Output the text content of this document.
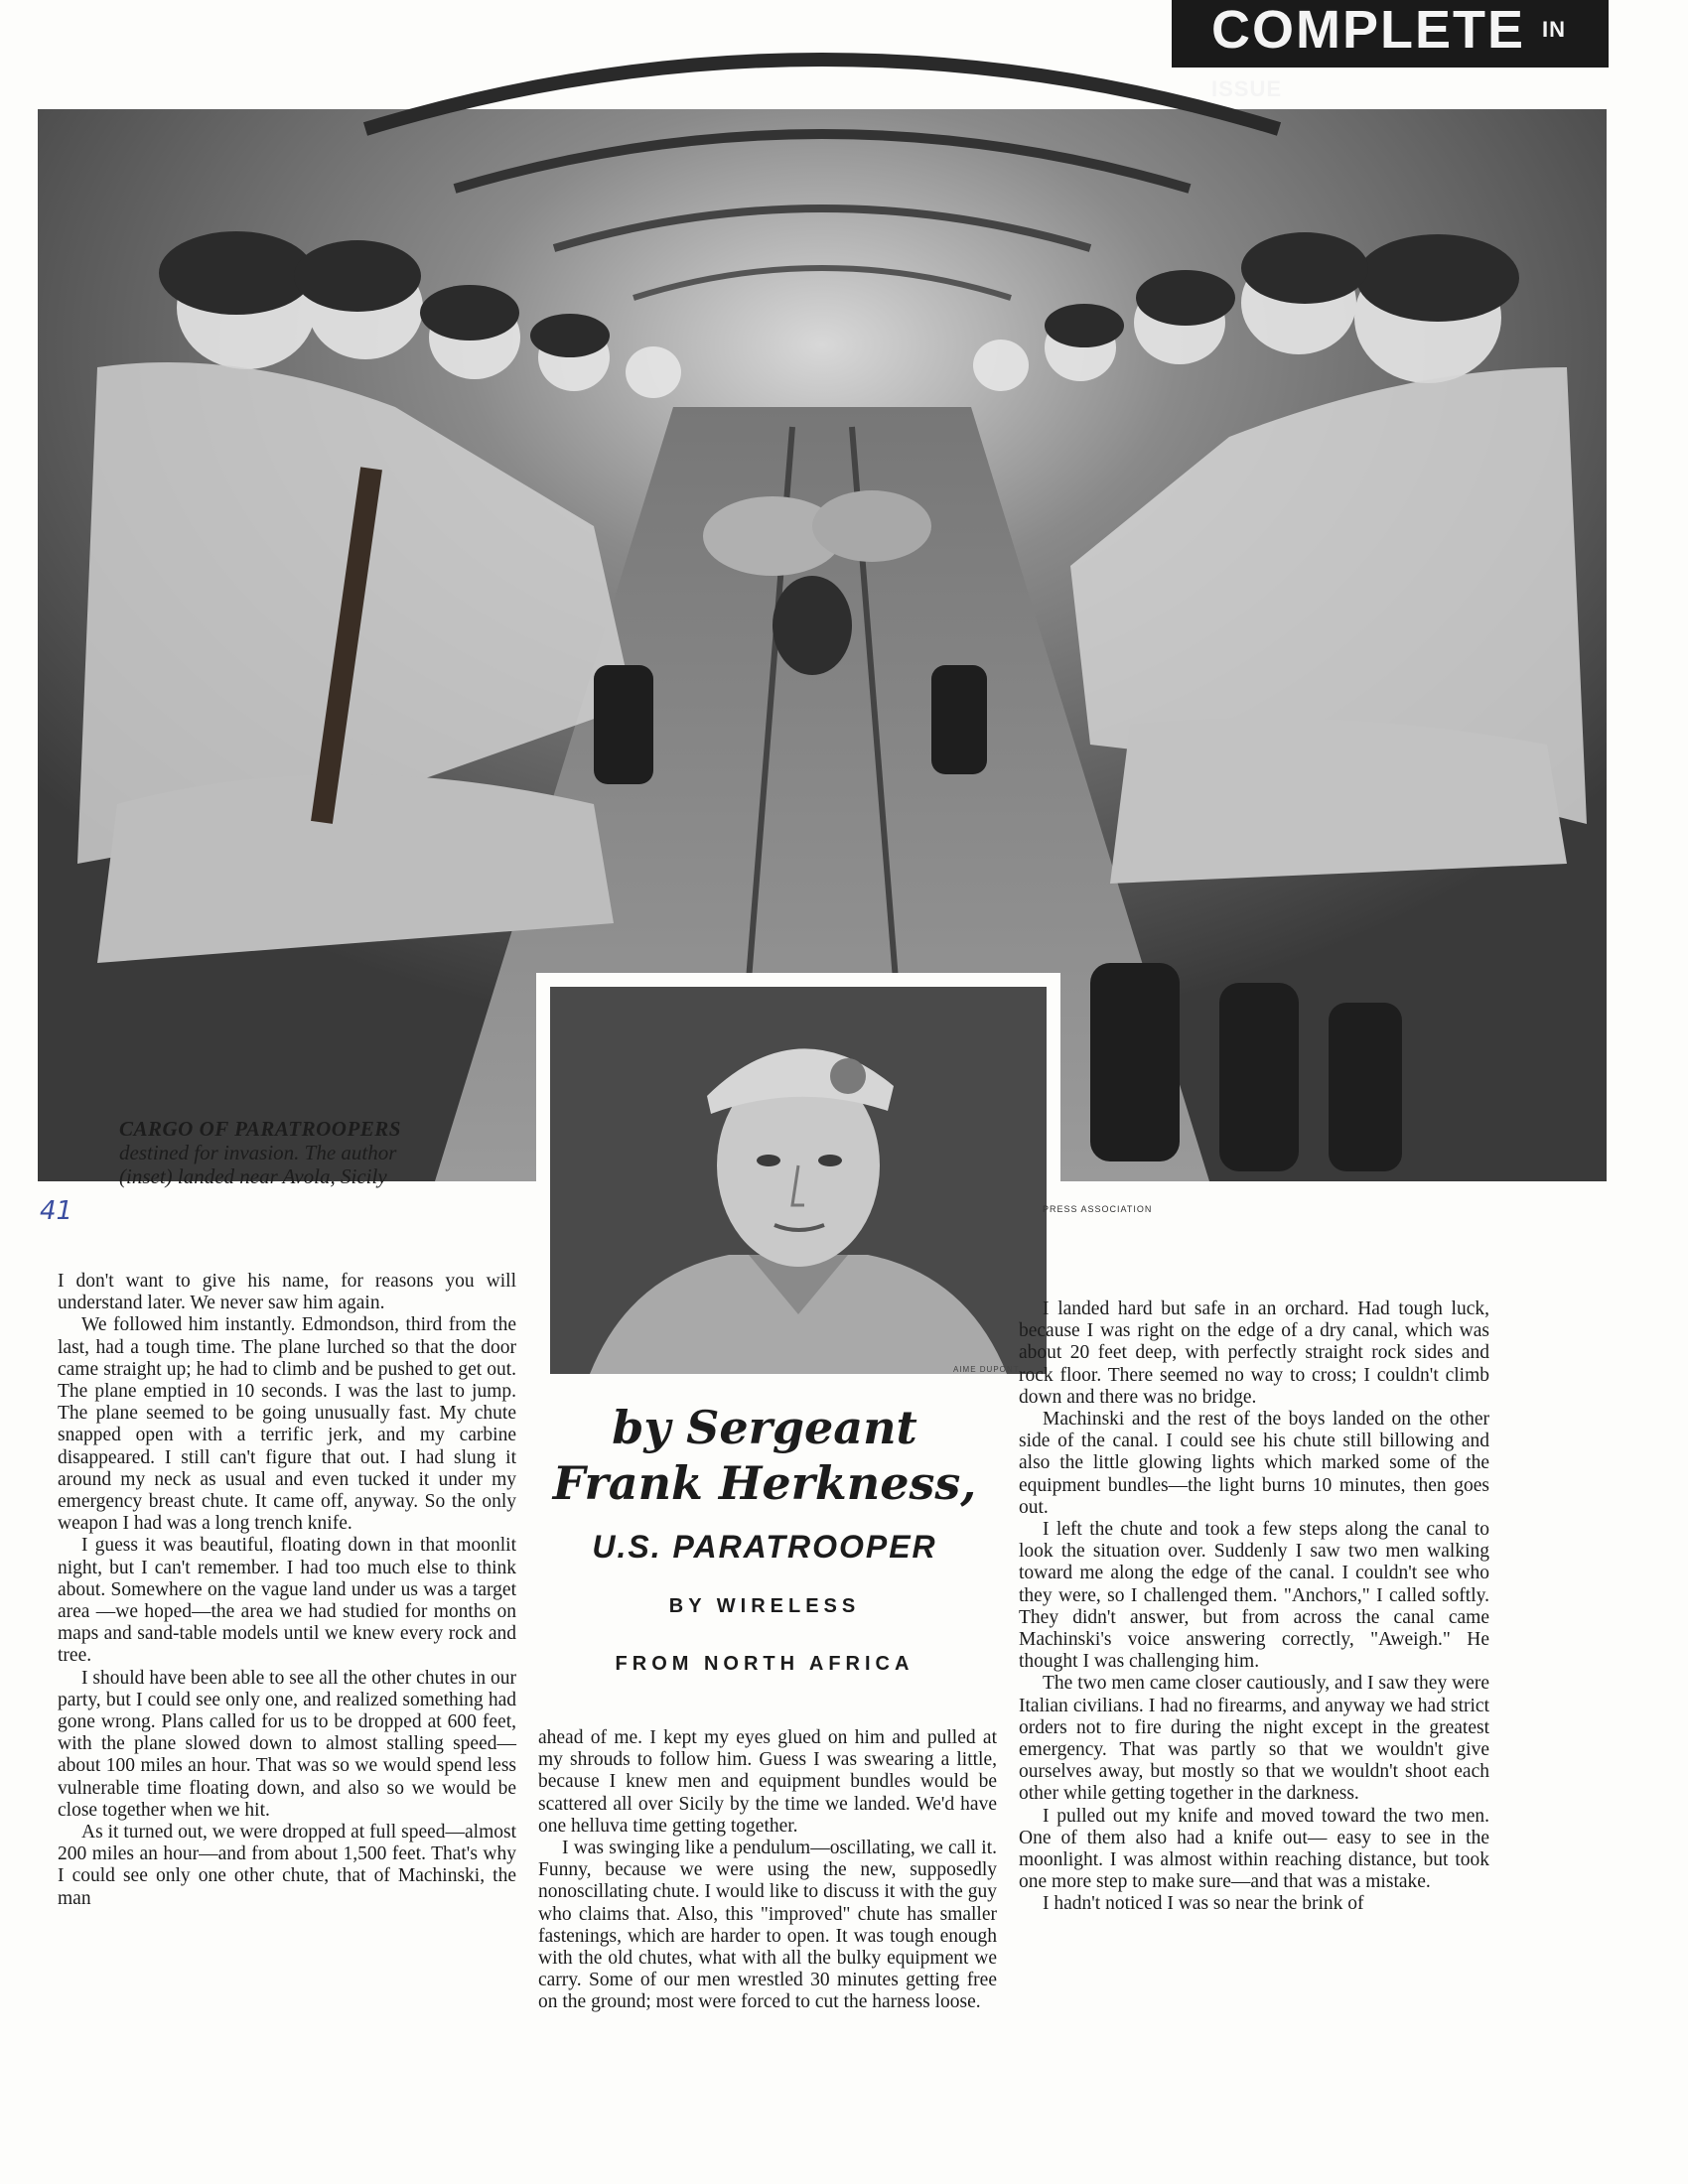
COMPLETE $^{IN ISSUE}$
AIME DUPONT
CARGO OF PARATROOPERS
destined for invasion. The author
(inset) landed near Avola, Sicily
41	PRESS ASSOCIATION
by Sergeant
Frank Herkness,
U.S. PARATROOPER
BY WIRELESS
FROM NORTH AFRICA

I don't want to give his name, for reasons you will understand later. We never saw him again.

We followed him instantly. Edmondson, third from the last, had a tough time. The plane lurched so that the door came straight up; he had to climb and be pushed to get out. The plane emptied in 10 seconds. I was the last to jump. The plane seemed to be going unusually fast. My chute snapped open with a terrific jerk, and my carbine disappeared. I still can't figure that out. I had slung it around my neck as usual and even tucked it under my emergency breast chute. It came off, anyway. So the only weapon I had was a long trench knife.

I guess it was beautiful, floating down in that moonlit night, but I can't remember. I had too much else to think about. Somewhere on the vague land under us was a target area —we hoped—the area we had studied for months on maps and sand-table models until we knew every rock and tree.

I should have been able to see all the other chutes in our party, but I could see only one, and realized something had gone wrong. Plans called for us to be dropped at 600 feet, with the plane slowed down to almost stalling speed—about 100 miles an hour. That was so we would spend less vulnerable time floating down, and also so we would be close together when we hit.

As it turned out, we were dropped at full speed—almost 200 miles an hour—and from about 1,500 feet. That's why I could see only one other chute, that of Machinski, the man

ahead of me. I kept my eyes glued on him and pulled at my shrouds to follow him. Guess I was swearing a little, because I knew men and equipment bundles would be scattered all over Sicily by the time we landed. We'd have one helluva time getting together.

I was swinging like a pendulum—oscillating, we call it. Funny, because we were using the new, supposedly nonoscillating chute. I would like to discuss it with the guy who claims that. Also, this "improved" chute has smaller fastenings, which are harder to open. It was tough enough with the old chutes, what with all the bulky equipment we carry. Some of our men wrestled 30 minutes getting free on the ground; most were forced to cut the harness loose.

I landed hard but safe in an orchard. Had tough luck, because I was right on the edge of a dry canal, which was about 20 feet deep, with perfectly straight rock sides and rock floor. There seemed no way to cross; I couldn't climb down and there was no bridge.

Machinski and the rest of the boys landed on the other side of the canal. I could see his chute still billowing and also the little glowing lights which marked some of the equipment bundles—the light burns 10 minutes, then goes out.

I left the chute and took a few steps along the canal to look the situation over. Suddenly I saw two men walking toward me along the edge of the canal. I couldn't see who they were, so I challenged them. "Anchors," I called softly. They didn't answer, but from across the canal came Machinski's voice answering correctly, "Aweigh." He thought I was challenging him.

The two men came closer cautiously, and I saw they were Italian civilians. I had no firearms, and anyway we had strict orders not to fire during the night except in the greatest emergency. That was partly so that we wouldn't give ourselves away, but mostly so that we wouldn't shoot each other while getting together in the darkness.

I pulled out my knife and moved toward the two men. One of them also had a knife out— easy to see in the moonlight. I was almost within reaching distance, but took one more step to make sure—and that was a mistake.

I hadn't noticed I was so near the brink of
